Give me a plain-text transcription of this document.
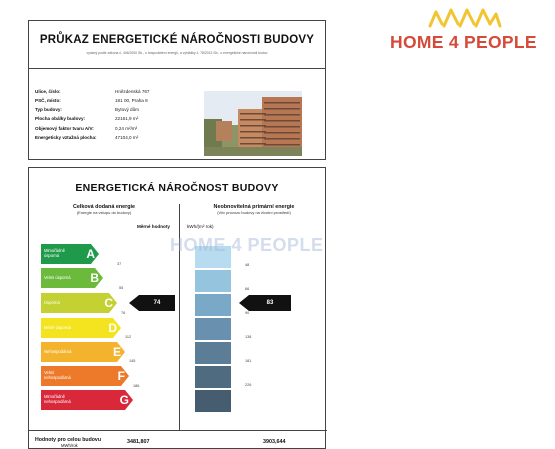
PRŮKAZ ENERGETICKÉ NÁROČNOSTI BUDOVY
vydaný podle zákona č. 406/2000 Sb., o hospodaření energií, a vyhlášky č. 78/2013 Sb., o energetické náročnosti budov
Ulice, číslo:	Hnězdenská 767
PSČ, místo:	181 00, Praha 8
Typ budovy:	Bytový dům
Plocha obálky budovy:	22161,9 m²
Objemový faktor tvaru A/V:	0,24 m²/m³
Energeticky vztažná plocha:	47104,0 m²
ENERGETICKÁ NÁROČNOST BUDOVY
Celková dodaná energie
(Energie na vstupu do budovy)
Neobnovitelná primární energie
(Vliv provozu budovy na životní prostředí)
Měrné hodnoty	kWh/(m² rok)
Mimořádně úsporná	A
Velmi úsporná	B
Úsporná	C
Méně úsporná	D
Nehospodárná	E
Velmi nehospodárná	F
Mimořádně nehospodárná	G
37
55
76
112
145
186
74
48
66
90
138
181
226
83
Hodnoty pro celou budovu
MWh/rok
3481,807	3903,644
HOME 4 PEOPLE
HOME 4 PEOPLE
